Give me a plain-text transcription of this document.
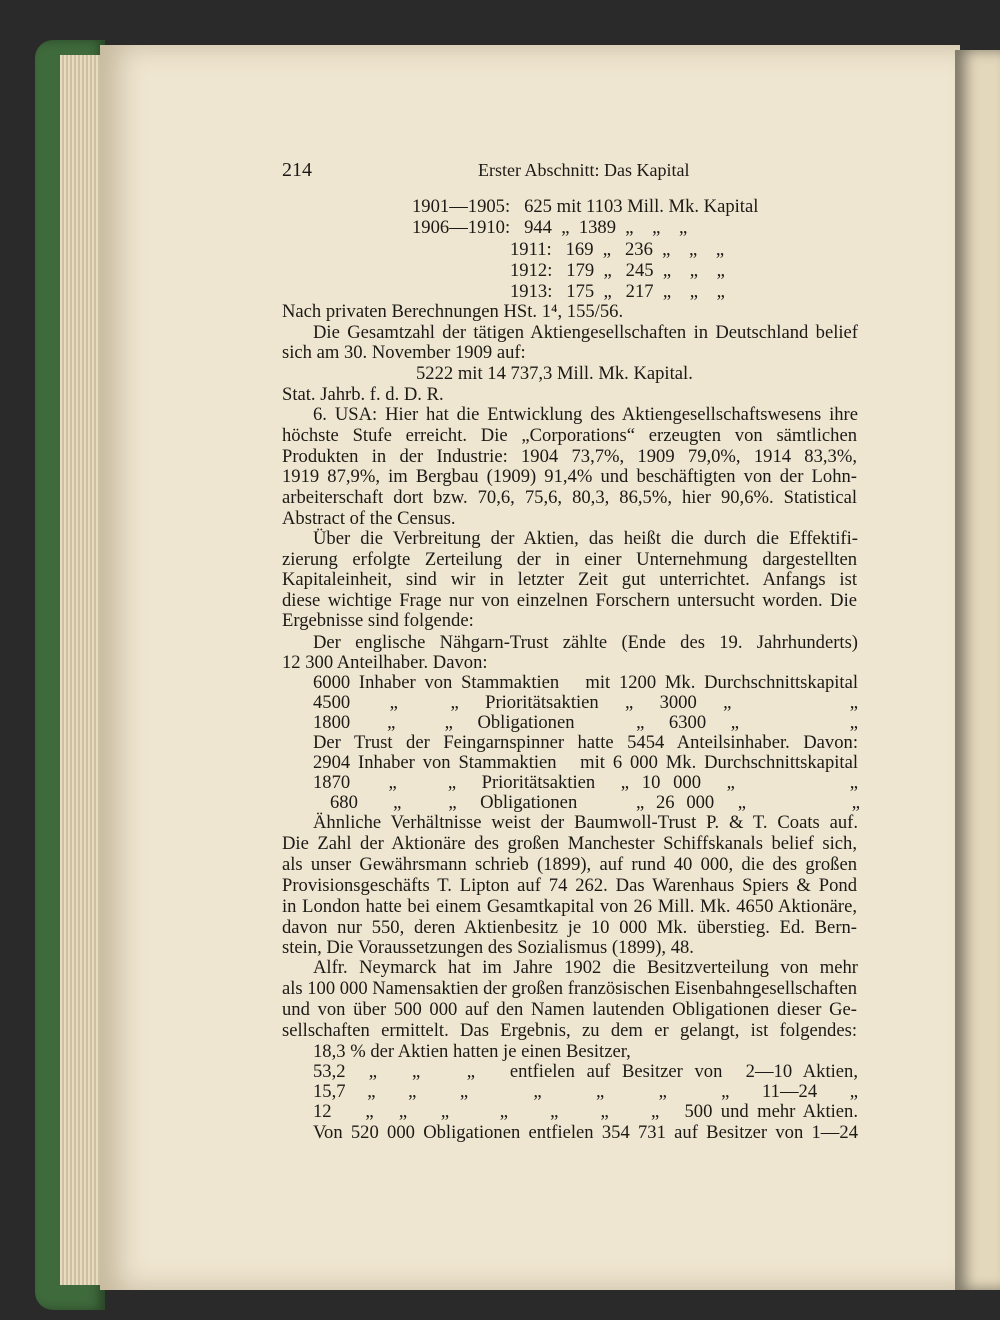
214	Erster Abschnitt: Das Kapital
1901—1905:   625 mit 1103 Mill. Mk. Kapital
1906—1910:   944  „  1389  „    „    „
1911:   169  „   236  „    „    „
1912:   179  „   245  „    „    „
1913:   175  „   217  „    „    „
Nach privaten Berechnungen HSt. 1⁴, 155/56.
Die Gesamtzahl der tätigen Aktiengesellschaften in Deutschland belief
sich am 30. November 1909 auf:
5222 mit 14 737,3 Mill. Mk. Kapital.
Stat. Jahrb. f. d. D. R.
6. USA: Hier hat die Entwicklung des Aktiengesellschaftswesens ihre
höchste Stufe erreicht. Die „Corporations“ erzeugten von sämtlichen
Produkten in der Industrie: 1904 73,7%, 1909 79,0%, 1914 83,3%,
1919 87,9%, im Bergbau (1909) 91,4% und beschäftigten von der Lohn-
arbeiterschaft dort bzw. 70,6, 75,6, 80,3, 86,5%, hier 90,6%. Statistical
Abstract of the Census.
Über die Verbreitung der Aktien, das heißt die durch die Effektifi-
zierung erfolgte Zerteilung der in einer Unternehmung dargestellten
Kapitaleinheit, sind wir in letzter Zeit gut unterrichtet. Anfangs ist
diese wichtige Frage nur von einzelnen Forschern untersucht worden. Die
Ergebnisse sind folgende:
Der englische Nähgarn-Trust zählte (Ende des 19. Jahrhunderts)
12 300 Anteilhaber. Davon:
6000 Inhaber von Stammaktien   mit 1200 Mk. Durchschnittskapital
4500   „    „  Prioritätsaktien  „  3000  „         „
1800   „    „  Obligationen     „  6300  „         „
Der Trust der Feingarnspinner hatte 5454 Anteilsinhaber. Davon:
2904 Inhaber von Stammaktien   mit 6 000 Mk. Durchschnittskapital
1870   „    „  Prioritätsaktien  „ 10 000  „         „
680   „    „  Obligationen     „ 26 000  „         „
Ähnliche Verhältnisse weist der Baumwoll-Trust P. & T. Coats auf.
Die Zahl der Aktionäre des großen Manchester Schiffskanals belief sich,
als unser Gewährsmann schrieb (1899), auf rund 40 000, die des großen
Provisionsgeschäfts T. Lipton auf 74 262. Das Warenhaus Spiers & Pond
in London hatte bei einem Gesamtkapital von 26 Mill. Mk. 4650 Aktionäre,
davon nur 550, deren Aktienbesitz je 10 000 Mk. überstieg. Ed. Bern-
stein, Die Voraussetzungen des Sozialismus (1899), 48.
Alfr. Neymarck hat im Jahre 1902 die Besitzverteilung von mehr
als 100 000 Namensaktien der großen französischen Eisenbahngesellschaften
und von über 500 000 auf den Namen lautenden Obligationen dieser Ge-
sellschaften ermittelt. Das Ergebnis, zu dem er gelangt, ist folgendes:
18,3 % der Aktien hatten je einen Besitzer,
53,2  „   „    „   entfielen auf Besitzer von  2—10 Aktien,
15,7  „   „    „      „     „     „     „   11—24   „
12    „   „    „      „     „     „     „   500 und mehr Aktien.
Von 520 000 Obligationen entfielen 354 731 auf Besitzer von 1—24
